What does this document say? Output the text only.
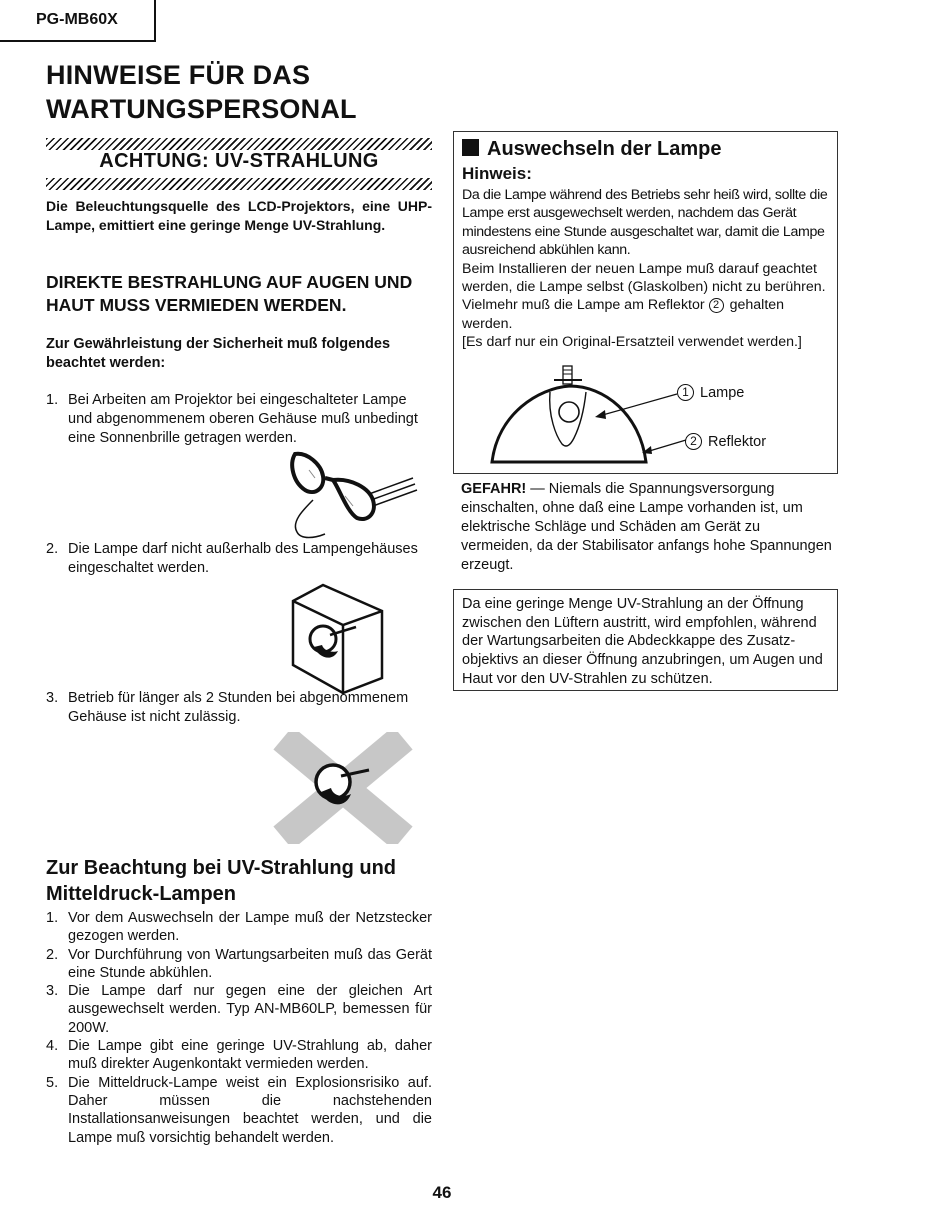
PG-MB60X
HINWEISE FÜR DAS
WARTUNGSPERSONAL
ACHTUNG: UV-STRAHLUNG
Die Beleuchtungsquelle des LCD-Projektors, eine UHP-Lampe, emittiert eine geringe Menge UV-Strahlung.
DIREKTE BESTRAHLUNG AUF AUGEN UND HAUT MUSS VERMIEDEN WERDEN.
Zur Gewährleistung der Sicherheit muß folgendes beachtet werden:
1. Bei Arbeiten am Projektor bei eingeschalteter Lampe und abgenommenem oberen Gehäuse muß unbedingt eine Sonnenbrille getragen werden.
2. Die Lampe darf nicht außerhalb des Lampengehäuses eingeschaltet werden.
3. Betrieb für länger als 2 Stunden bei abgenommenem Gehäuse ist nicht zulässig.
Zur Beachtung bei UV-Strahlung und Mitteldruck-Lampen
1. Vor dem Auswechseln der Lampe muß der Netzstecker gezogen werden.
2. Vor Durchführung von Wartungsarbeiten muß das Gerät eine Stunde abkühlen.
3. Die Lampe darf nur gegen eine der gleichen Art ausgewechselt werden. Typ AN-MB60LP, bemessen für 200W.
4. Die Lampe gibt eine geringe UV-Strahlung ab, daher muß direkter Augenkontakt vermieden werden.
5. Die Mitteldruck-Lampe weist ein Explosionsrisiko auf. Daher müssen die nachstehenden Installationsanweisungen beachtet werden, und die Lampe muß vorsichtig behandelt werden.
Auswechseln der Lampe
Hinweis:

Da die Lampe während des Betriebs sehr heiß wird, sollte die Lampe erst ausgewechselt werden, nachdem das Gerät mindestens eine Stunde ausgeschaltet war, damit die Lampe ausreichend abkühlen kann.

Beim Installieren der neuen Lampe muß darauf geachtet werden, die Lampe selbst (Glaskolben) nicht zu berühren. Vielmehr muß die Lampe am Reflektor 2 gehalten werden.

[Es darf nur ein Original-Ersatzteil verwendet werden.]

1 Lampe
2 Reflektor
GEFAHR! — Niemals die Spannungsversorgung einschalten, ohne daß eine Lampe vorhanden ist, um elektrische Schläge und Schäden am Gerät zu vermeiden, da der Stabilisator anfangs hohe Spannungen erzeugt.
Da eine geringe Menge UV-Strahlung an der Öffnung zwischen den Lüftern austritt, wird empfohlen, während der Wartungsarbeiten die Abdeckkappe des Zusatz-objektivs an dieser Öffnung anzubringen, um Augen und Haut vor den UV-Strahlen zu schützen.
46
